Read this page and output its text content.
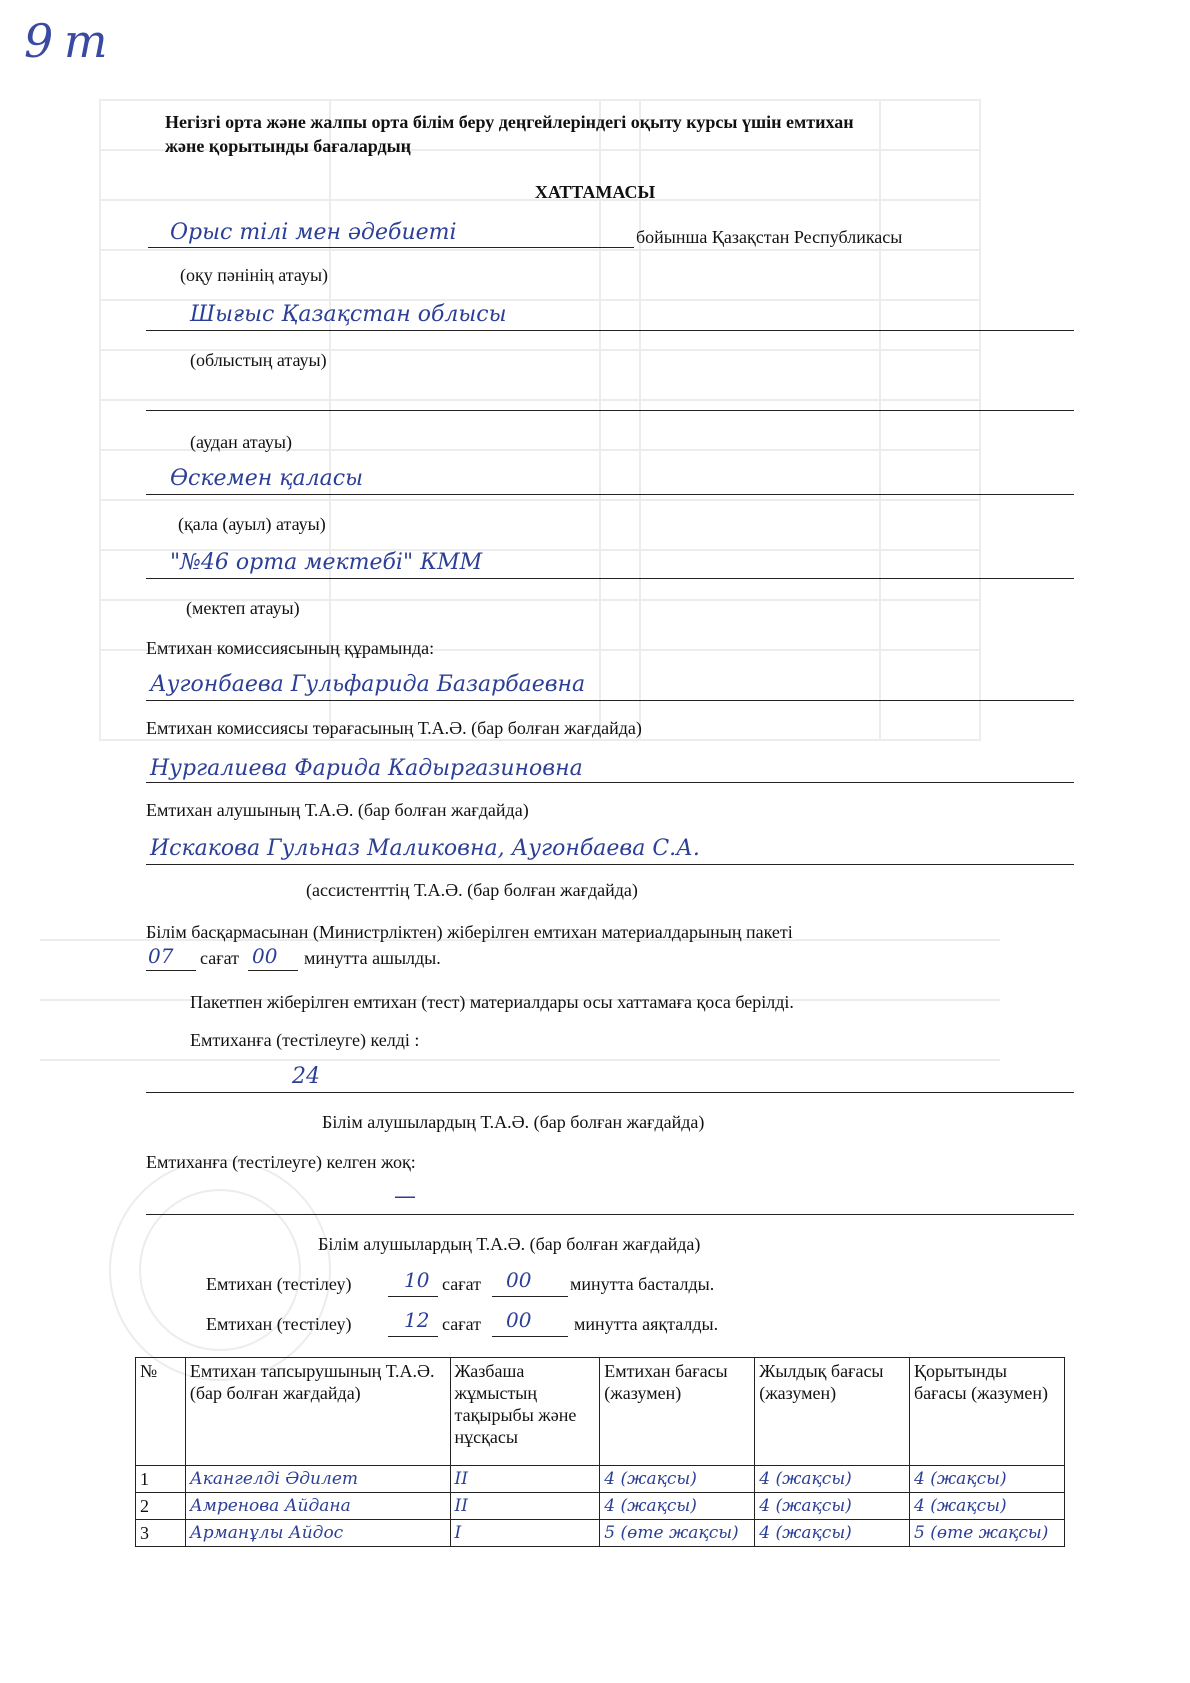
9 т
Негізгі орта және жалпы орта білім беру деңгейлеріндегі оқыту курсы үшін емтихан
және қорытынды бағалардың
ХАТТАМАСЫ
Орыс тілі мен әдебиеті	бойынша Қазақстан Республикасы
(оқу пәнінің атауы)
Шығыс Қазақстан облысы
(облыстың атауы)
(аудан атауы)
Өскемен қаласы
(қала (ауыл) атауы)
"№46 орта мектебі" КММ
(мектеп атауы)
Емтихан комиссиясының құрамында:
Аугонбаева Гульфарида Базарбаевна
Емтихан комиссиясы төрағасының Т.А.Ә. (бар болған жағдайда)
Нургалиева Фарида Кадыргазиновна
Емтихан алушының Т.А.Ә. (бар болған жағдайда)
Искакова Гульназ Маликовна, Аугонбаева С.А.
(ассистенттің Т.А.Ә. (бар болған жағдайда)
Білім басқармасынан (Министрліктен) жіберілген емтихан материалдарының пакеті
07 сағат 00 минутта ашылды.
Пакетпен жіберілген емтихан (тест) материалдары осы хаттамаға қоса берілді.
Емтиханға (тестілеуге) келді :
24
Білім алушылардың Т.А.Ә. (бар болған жағдайда)
Емтиханға (тестілеуге) келген жоқ:
—
Білім алушылардың Т.А.Ә. (бар болған жағдайда)
Емтихан (тестілеу)	10 сағат 00 минутта басталды.
Емтихан (тестілеу)	12 сағат 00 минутта аяқталды.
№	Емтихан тапсырушының Т.А.Ә. (бар болған жағдайда)	Жазбаша жұмыстың тақырыбы және нұсқасы	Емтихан бағасы (жазумен)	Жылдық бағасы (жазумен)	Қорытынды бағасы (жазумен)
1	Акангелді Әдилет	II	4 (жақсы)	4 (жақсы)	4 (жақсы)
2	Амренова Айдана	II	4 (жақсы)	4 (жақсы)	4 (жақсы)
3	Арманұлы Айдос	I	5 (өте жақсы)	4 (жақсы)	5 (өте жақсы)
